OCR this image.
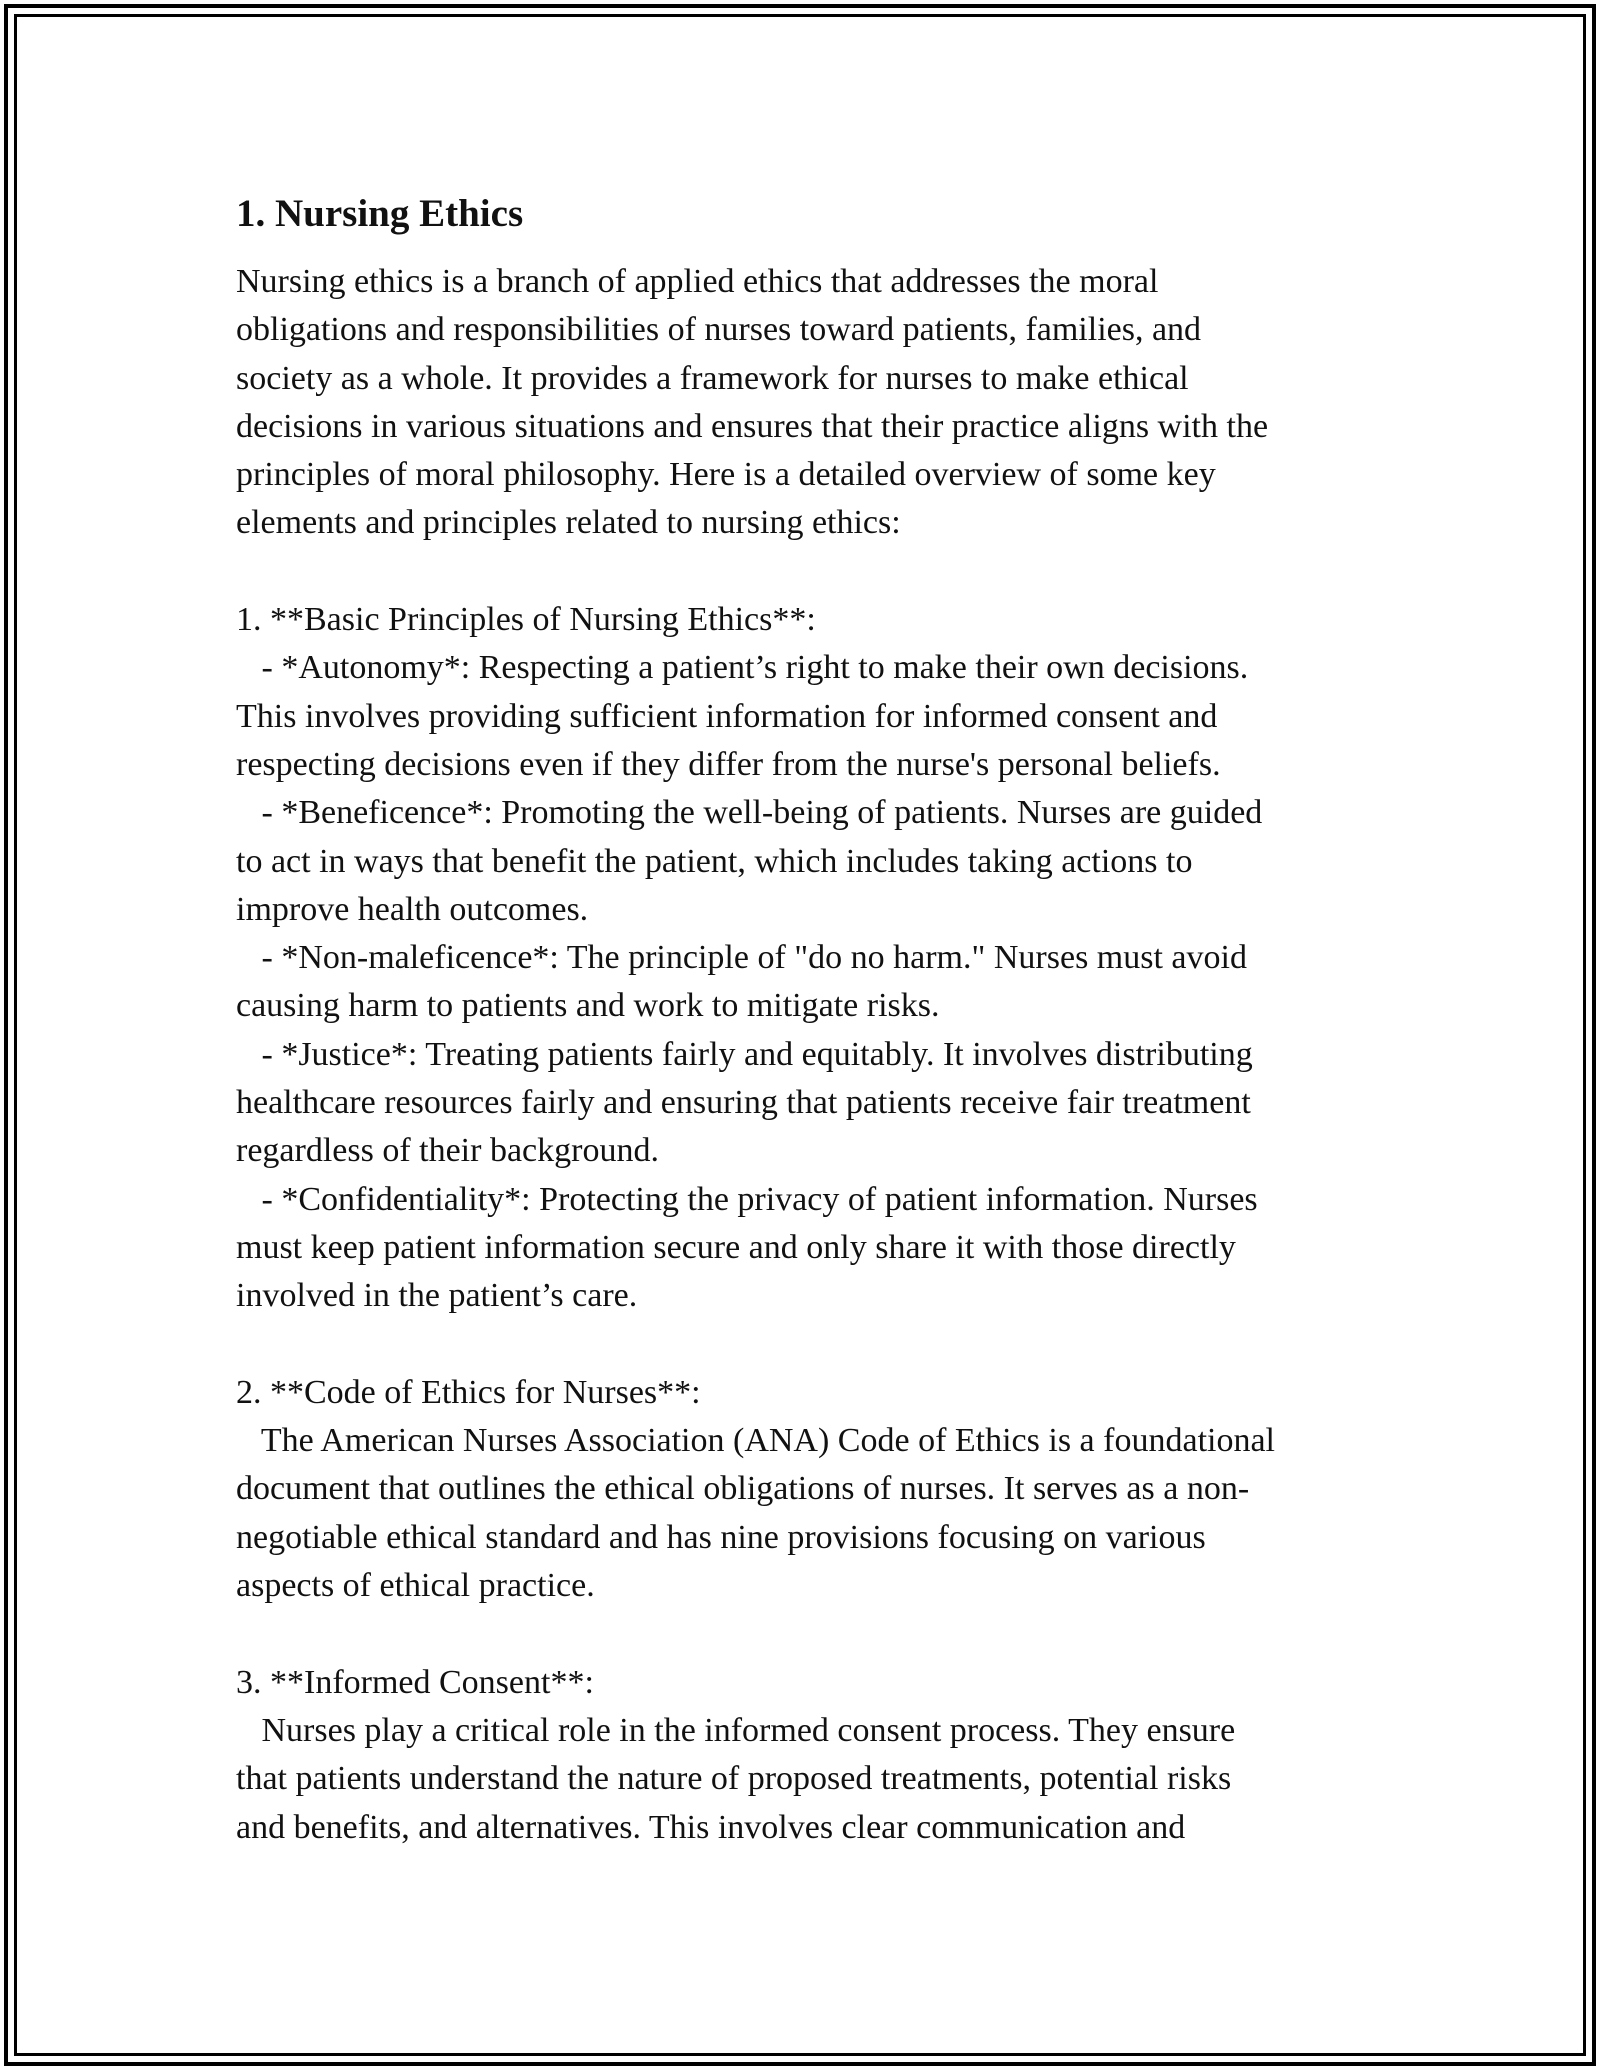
1. Nursing Ethics
Nursing ethics is a branch of applied ethics that addresses the moral
obligations and responsibilities of nurses toward patients, families, and
society as a whole. It provides a framework for nurses to make ethical
decisions in various situations and ensures that their practice aligns with the
principles of moral philosophy. Here is a detailed overview of some key
elements and principles related to nursing ethics:
1. **Basic Principles of Nursing Ethics**:
- *Autonomy*: Respecting a patient’s right to make their own decisions.
This involves providing sufficient information for informed consent and
respecting decisions even if they differ from the nurse's personal beliefs.
- *Beneficence*: Promoting the well-being of patients. Nurses are guided
to act in ways that benefit the patient, which includes taking actions to
improve health outcomes.
- *Non-maleficence*: The principle of "do no harm." Nurses must avoid
causing harm to patients and work to mitigate risks.
- *Justice*: Treating patients fairly and equitably. It involves distributing
healthcare resources fairly and ensuring that patients receive fair treatment
regardless of their background.
- *Confidentiality*: Protecting the privacy of patient information. Nurses
must keep patient information secure and only share it with those directly
involved in the patient’s care.
2. **Code of Ethics for Nurses**:
The American Nurses Association (ANA) Code of Ethics is a foundational
document that outlines the ethical obligations of nurses. It serves as a non-
negotiable ethical standard and has nine provisions focusing on various
aspects of ethical practice.
3. **Informed Consent**:
Nurses play a critical role in the informed consent process. They ensure
that patients understand the nature of proposed treatments, potential risks
and benefits, and alternatives. This involves clear communication and
